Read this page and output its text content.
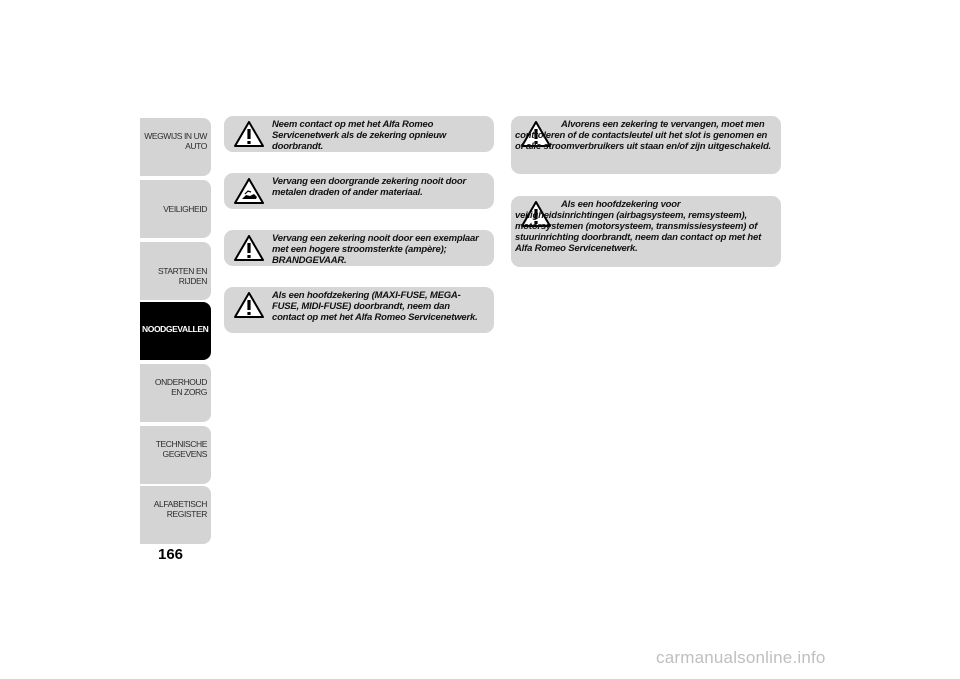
WEGWIJS IN UW AUTO
VEILIGHEID
STARTEN EN RIJDEN
NOODGEVALLEN
ONDERHOUD EN ZORG
TECHNISCHE GEGEVENS
ALFABETISCH REGISTER
166
Neem contact op met het Alfa Romeo Servicenetwerk als de zekering opnieuw doorbrandt.
Vervang een doorgrande zekering nooit door metalen draden of ander materiaal.
Vervang een zekering nooit door een exemplaar met een hogere stroomsterkte (ampère); BRANDGEVAAR.
Als een hoofdzekering (MAXI-FUSE, MEGA-FUSE, MIDI-FUSE) doorbrandt, neem dan contact op met het Alfa Romeo Servicenetwerk.
Alvorens een zekering te vervangen, moet men controleren of de contactsleutel uit het slot is genomen en of alle stroomverbruikers uit staan en/of zijn uitgeschakeld.
Als een hoofdzekering voor veiligheidsinrichtingen (airbagsysteem, remsysteem), motorsystemen (motorsysteem, transmissiesysteem) of stuurinrichting doorbrandt, neem dan contact op met het Alfa Romeo Servicenetwerk.
carmanualsonline.info
